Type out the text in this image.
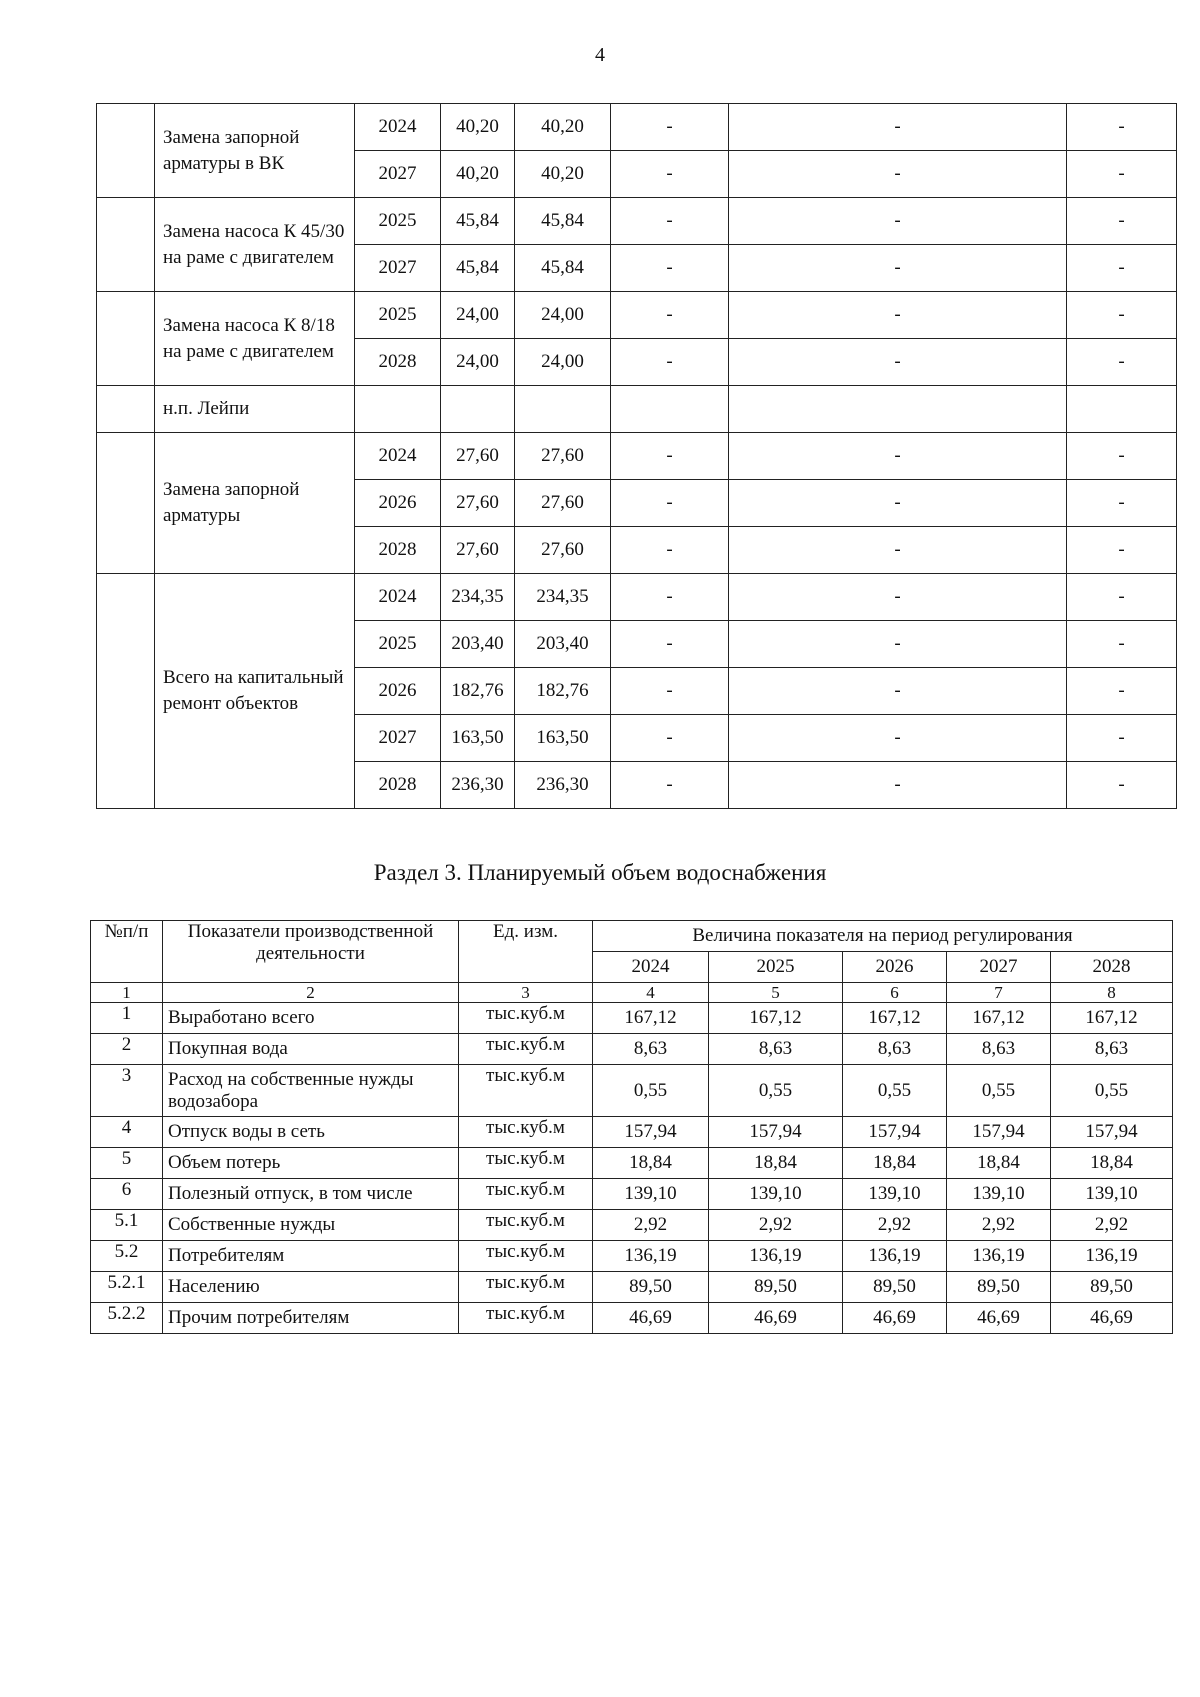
4
	Замена запорной арматуры в ВК	2024	40,20	40,20	-	-	-
		2027	40,20	40,20	-	-	-
	Замена насоса К 45/30 на раме с двигателем	2025	45,84	45,84	-	-	-
		2027	45,84	45,84	-	-	-
	Замена насоса К 8/18 на раме с двигателем	2025	24,00	24,00	-	-	-
		2028	24,00	24,00	-	-	-
	н.п. Лейпи						
	Замена запорной арматуры	2024	27,60	27,60	-	-	-
		2026	27,60	27,60	-	-	-
		2028	27,60	27,60	-	-	-
	Всего на капитальный ремонт объектов	2024	234,35	234,35	-	-	-
		2025	203,40	203,40	-	-	-
		2026	182,76	182,76	-	-	-
		2027	163,50	163,50	-	-	-
		2028	236,30	236,30	-	-	-
Раздел 3. Планируемый объем водоснабжения
№п/п	Показатели производственной деятельности	Ед. изм.	Величина показателя на период регулирования				
			2024	2025	2026	2027	2028
1	2	3	4	5	6	7	8
1	Выработано всего	тыс.куб.м	167,12	167,12	167,12	167,12	167,12
2	Покупная вода	тыс.куб.м	8,63	8,63	8,63	8,63	8,63
3	Расход на собственные нужды водозабора	тыс.куб.м	0,55	0,55	0,55	0,55	0,55
4	Отпуск воды в сеть	тыс.куб.м	157,94	157,94	157,94	157,94	157,94
5	Объем потерь	тыс.куб.м	18,84	18,84	18,84	18,84	18,84
6	Полезный отпуск, в том числе	тыс.куб.м	139,10	139,10	139,10	139,10	139,10
5.1	Собственные нужды	тыс.куб.м	2,92	2,92	2,92	2,92	2,92
5.2	Потребителям	тыс.куб.м	136,19	136,19	136,19	136,19	136,19
5.2.1	Населению	тыс.куб.м	89,50	89,50	89,50	89,50	89,50
5.2.2	Прочим потребителям	тыс.куб.м	46,69	46,69	46,69	46,69	46,69
